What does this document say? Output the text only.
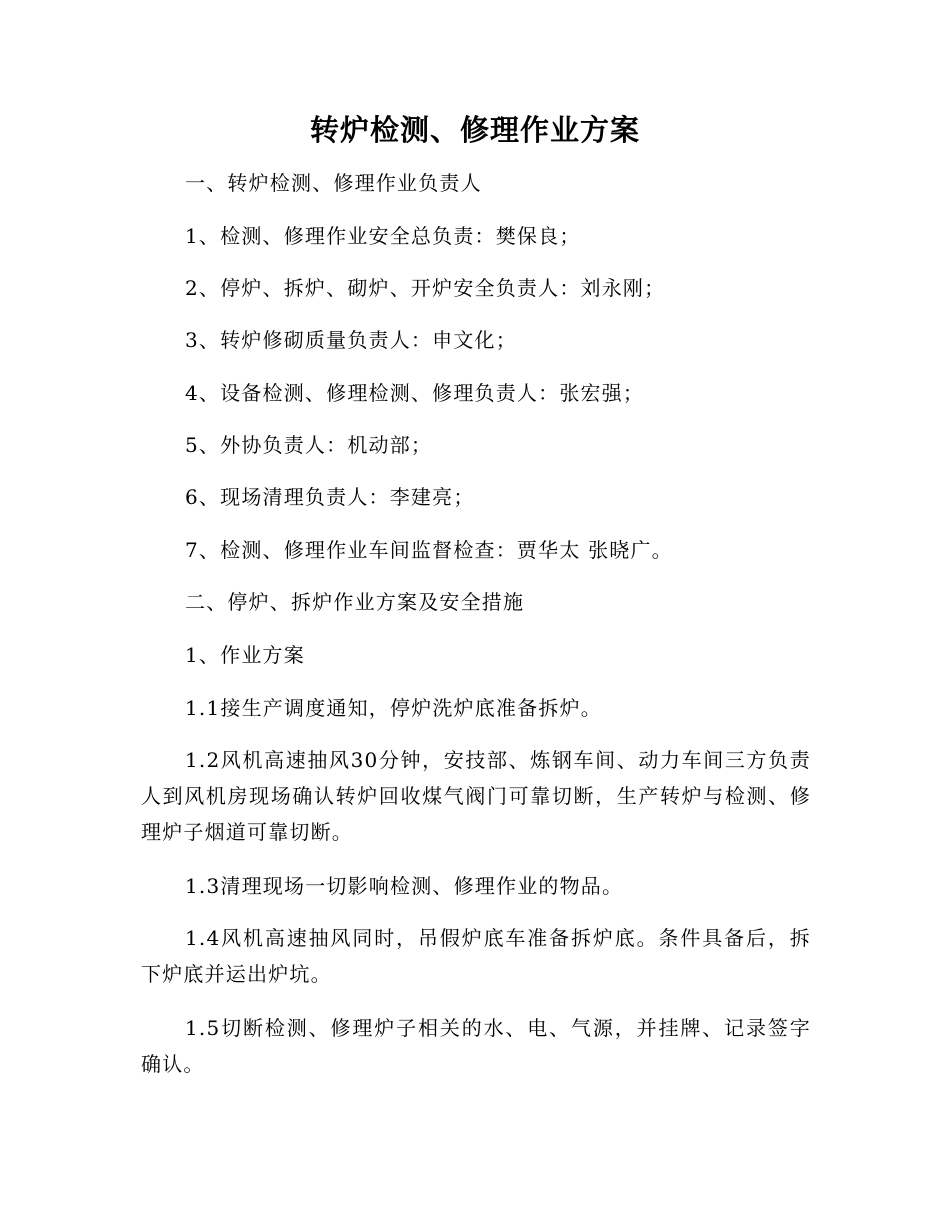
转炉检测、修理作业方案

一、转炉检测、修理作业负责人

1、检测、修理作业安全总负责：樊保良；

2、停炉、拆炉、砌炉、开炉安全负责人：刘永刚；

3、转炉修砌质量负责人：申文化；

4、设备检测、修理检测、修理负责人：张宏强；

5、外协负责人：机动部；

6、现场清理负责人：李建亮；

7、检测、修理作业车间监督检查：贾华太 张晓广。

二、停炉、拆炉作业方案及安全措施

1、作业方案

1.1接生产调度通知，停炉洗炉底准备拆炉。

1.2风机高速抽风30分钟，安技部、炼钢车间、动力车间三方负责人到风机房现场确认转炉回收煤气阀门可靠切断，生产转炉与检测、修理炉子烟道可靠切断。

1.3清理现场一切影响检测、修理作业的物品。

1.4风机高速抽风同时，吊假炉底车准备拆炉底。条件具备后，拆下炉底并运出炉坑。

1.5切断检测、修理炉子相关的水、电、气源，并挂牌、记录签字确认。
